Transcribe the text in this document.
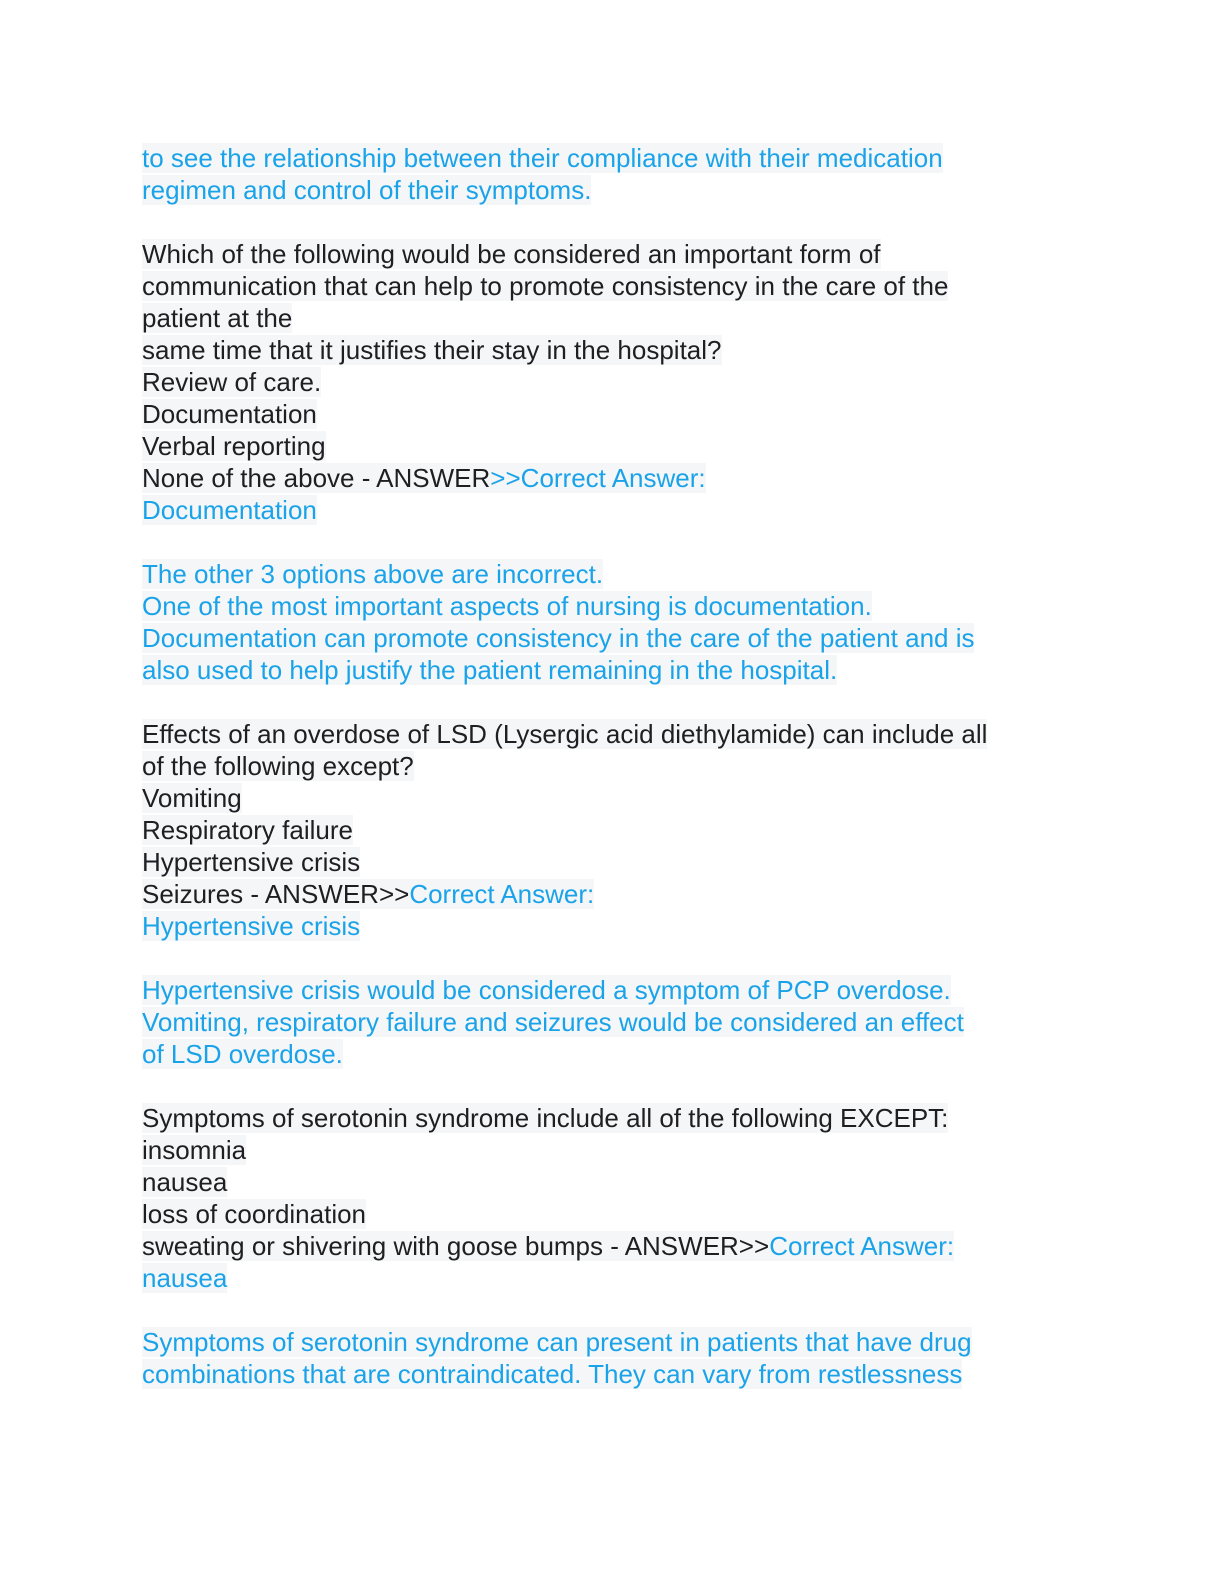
to see the relationship between their compliance with their medication
regimen and control of their symptoms.
Which of the following would be considered an important form of
communication that can help to promote consistency in the care of the
patient at the
same time that it justifies their stay in the hospital?
Review of care.
Documentation
Verbal reporting
None of the above - ANSWER>>Correct Answer:
Documentation
The other 3 options above are incorrect.
One of the most important aspects of nursing is documentation.
Documentation can promote consistency in the care of the patient and is
also used to help justify the patient remaining in the hospital.
Effects of an overdose of LSD (Lysergic acid diethylamide) can include all
of the following except?
Vomiting
Respiratory failure
Hypertensive crisis
Seizures - ANSWER>>Correct Answer:
Hypertensive crisis
Hypertensive crisis would be considered a symptom of PCP overdose.
Vomiting, respiratory failure and seizures would be considered an effect
of LSD overdose.
Symptoms of serotonin syndrome include all of the following EXCEPT:
insomnia
nausea
loss of coordination
sweating or shivering with goose bumps - ANSWER>>Correct Answer:
nausea
Symptoms of serotonin syndrome can present in patients that have drug
combinations that are contraindicated. They can vary from restlessness
